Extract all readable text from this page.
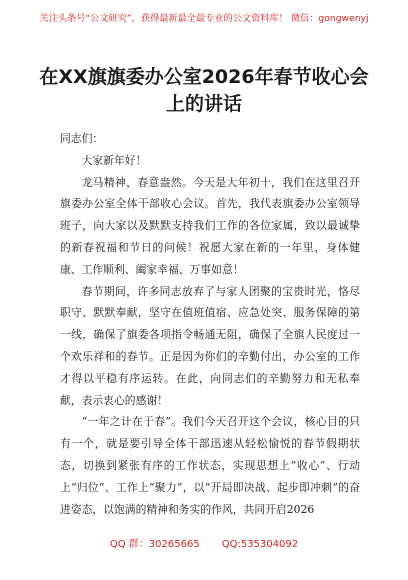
关注头条号“公文研究”，获得最新最全最专业的公文资料库！ 微信：gongwenyj
在XX旗旗委办公室2026年春节收心会
上的讲话

同志们：

大家新年好！

龙马精神，春意盎然。今天是大年初十，我们在这里召开旗委办公室全体干部收心会议。首先，我代表旗委办公室领导班子，向大家以及默默支持我们工作的各位家属，致以最诚挚的新春祝福和节日的问候！祝愿大家在新的一年里，身体健康、工作顺利、阖家幸福、万事如意！

春节期间，许多同志放弃了与家人团聚的宝贵时光，恪尽职守、默默奉献，坚守在值班值宿、应急处突、服务保障的第一线，确保了旗委各项指令畅通无阻，确保了全旗人民度过一个欢乐祥和的春节。正是因为你们的辛勤付出，办公室的工作才得以平稳有序运转。在此，向同志们的辛勤努力和无私奉献，表示衷心的感谢！

“一年之计在于春”。我们今天召开这个会议，核心目的只有一个，就是要引导全体干部迅速从轻松愉悦的春节假期状态，切换到紧张有序的工作状态，实现思想上“收心”、行动上“归位”、工作上“聚力”，以“开局即决战、起步即冲刺”的奋进姿态，以饱满的精神和务实的作风，共同开启2026

QQ 群：30265665 QQ:535304092
